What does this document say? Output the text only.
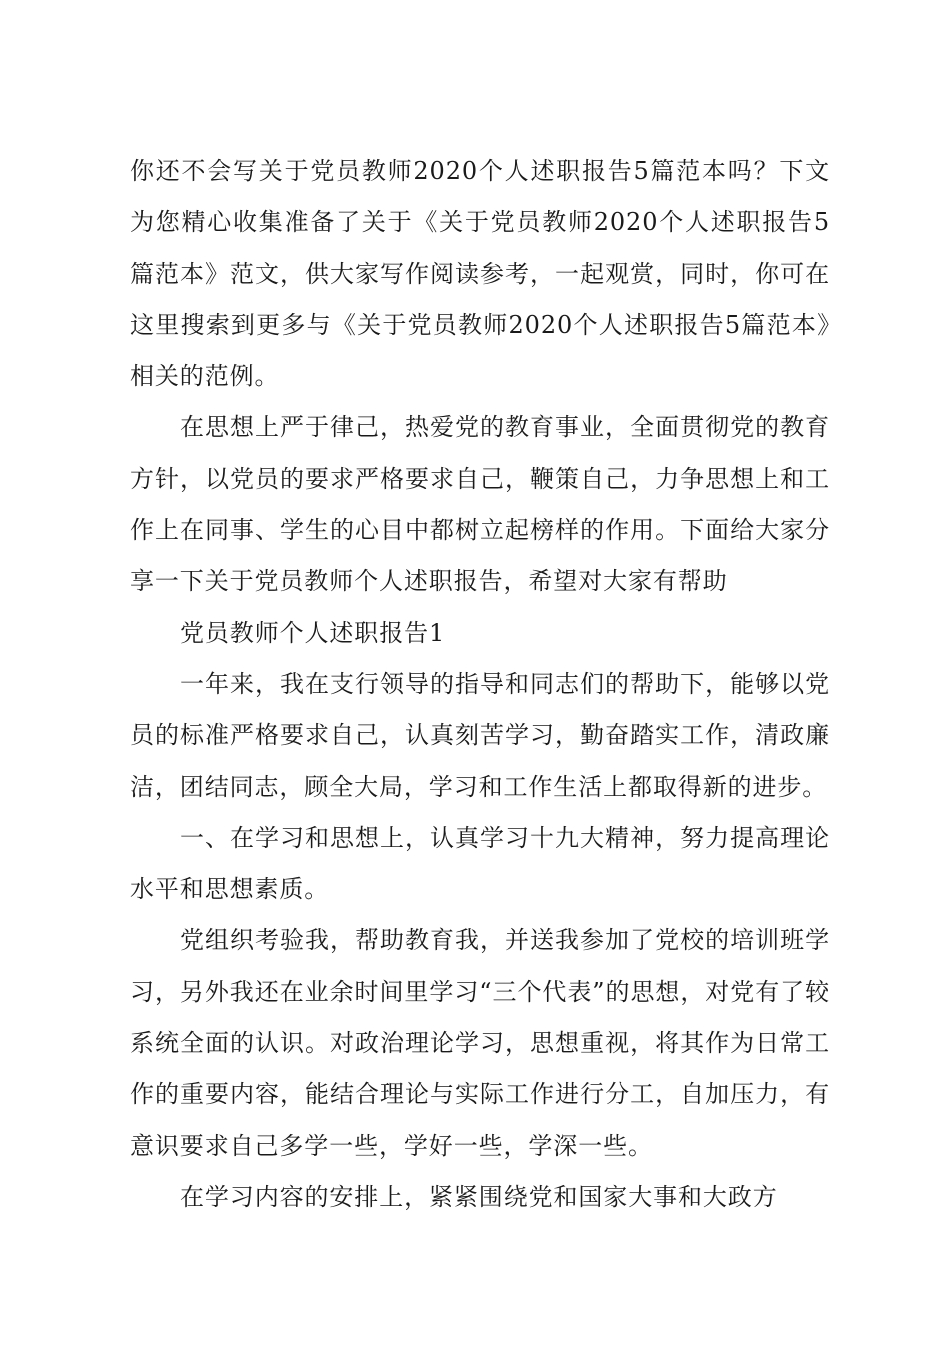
你还不会写关于党员教师2020个人述职报告5篇范本吗？下文为您精心收集准备了关于《关于党员教师2020个人述职报告5篇范本》范文，供大家写作阅读参考，一起观赏，同时，你可在这里搜索到更多与《关于党员教师2020个人述职报告5篇范本》相关的范例。

在思想上严于律己，热爱党的教育事业，全面贯彻党的教育方针，以党员的要求严格要求自己，鞭策自己，力争思想上和工作上在同事、学生的心目中都树立起榜样的作用。下面给大家分享一下关于党员教师个人述职报告，希望对大家有帮助

党员教师个人述职报告1

一年来，我在支行领导的指导和同志们的帮助下，能够以党员的标准严格要求自己，认真刻苦学习，勤奋踏实工作，清政廉洁，团结同志，顾全大局，学习和工作生活上都取得新的进步。

一、在学习和思想上，认真学习十九大精神，努力提高理论水平和思想素质。

党组织考验我，帮助教育我，并送我参加了党校的培训班学习，另外我还在业余时间里学习“三个代表”的思想，对党有了较系统全面的认识。对政治理论学习，思想重视，将其作为日常工作的重要内容，能结合理论与实际工作进行分工，自加压力，有意识要求自己多学一些，学好一些，学深一些。

在学习内容的安排上，紧紧围绕党和国家大事和大政方
